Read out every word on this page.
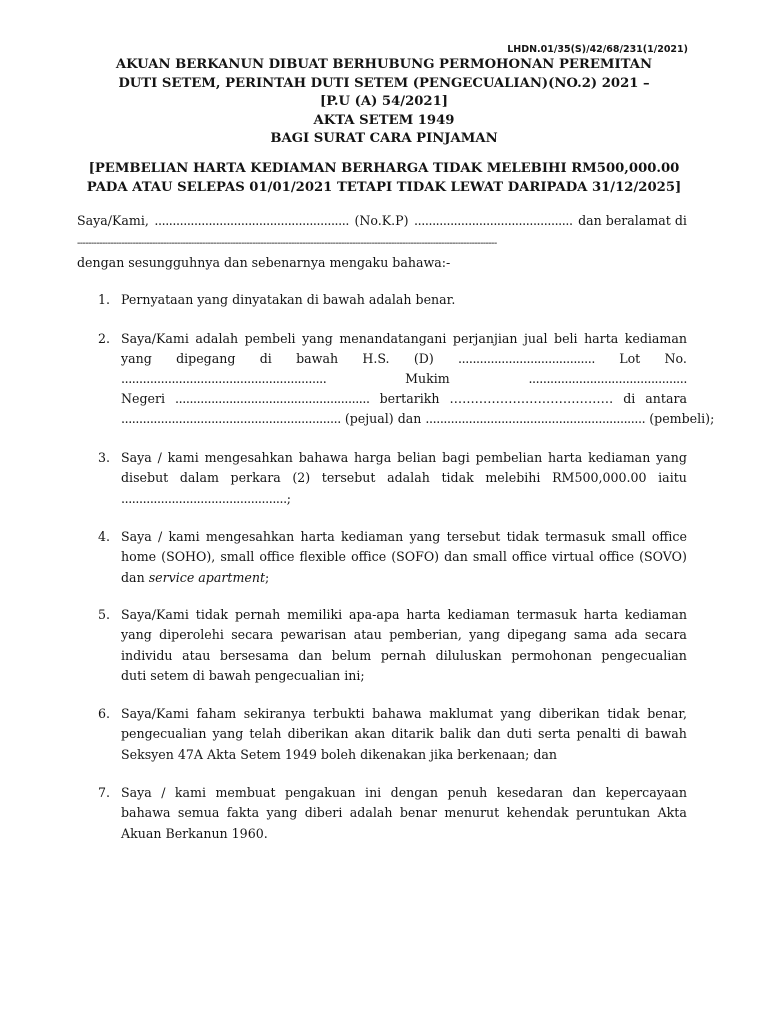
LHDN.01/35(S)/42/68/231(1/2021)
AKUAN BERKANUN DIBUAT BERHUBUNG PERMOHONAN PEREMITAN
DUTI SETEM, PERINTAH DUTI SETEM (PENGECUALIAN)(NO.2) 2021 –
[P.U (A) 54/2021]
AKTA SETEM 1949
BAGI SURAT CARA PINJAMAN
[PEMBELIAN HARTA KEDIAMAN BERHARGA TIDAK MELEBIHI RM500,000.00
PADA ATAU SELEPAS 01/01/2021 TETAPI TIDAK LEWAT DARIPADA 31/12/2025]
Saya/Kami, ...................................................... (No.K.P) ............................................ dan beralamat di
-------------------------------------------------------------------------------------------------------------------------------------------------------
dengan sesungguhnya dan sebenarnya mengaku bahawa:-
1. Pernyataan yang dinyatakan di bawah adalah benar.
2. Saya/Kami adalah pembeli yang menandatangani perjanjian jual beli harta kediaman
yang dipegang di bawah H.S. (D) ...................................... Lot No.
.........................................................	Mukim	............................................
Negeri ...................................................... bertarikh ………………………………… di antara
............................................................. (pejual) dan ............................................................. (pembeli);
3. Saya / kami mengesahkan bahawa harga belian bagi pembelian harta kediaman yang
disebut dalam perkara (2) tersebut adalah tidak melebihi RM500,000.00 iaitu
..............................................;
4. Saya / kami mengesahkan harta kediaman yang tersebut tidak termasuk small office
home (SOHO), small office flexible office (SOFO) dan small office virtual office (SOVO)
dan service apartment;
5. Saya/Kami tidak pernah memiliki apa-apa harta kediaman termasuk harta kediaman
yang diperolehi secara pewarisan atau pemberian, yang dipegang sama ada secara
individu atau bersesama dan belum pernah diluluskan permohonan pengecualian
duti setem di bawah pengecualian ini;
6. Saya/Kami faham sekiranya terbukti bahawa maklumat yang diberikan tidak benar,
pengecualian yang telah diberikan akan ditarik balik dan duti serta penalti di bawah
Seksyen 47A Akta Setem 1949 boleh dikenakan jika berkenaan; dan
7. Saya / kami membuat pengakuan ini dengan penuh kesedaran dan kepercayaan
bahawa semua fakta yang diberi adalah benar menurut kehendak peruntukan Akta
Akuan Berkanun 1960.
